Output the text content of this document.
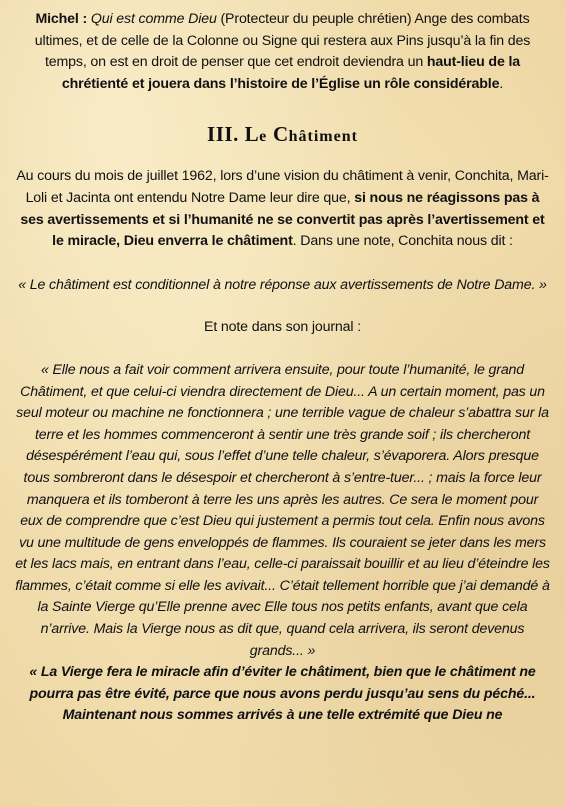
Michel : Qui est comme Dieu (Protecteur du peuple chrétien) Ange des combats ultimes, et de celle de la Colonne ou Signe qui restera aux Pins jusqu’à la fin des temps, on est en droit de penser que cet endroit deviendra un haut-lieu de la chrétienté et jouera dans l’histoire de l’Église un rôle considérable.

III. Le Châtiment

Au cours du mois de juillet 1962, lors d’une vision du châtiment à venir, Conchita, Mari-Loli et Jacinta ont entendu Notre Dame leur dire que, si nous ne réagissons pas à ses avertissements et si l’humanité ne se convertit pas après l’avertissement et le miracle, Dieu enverra le châtiment. Dans une note, Conchita nous dit :

« Le châtiment est conditionnel à notre réponse aux avertissements de Notre Dame. »

Et note dans son journal :

« Elle nous a fait voir comment arrivera ensuite, pour toute l’humanité, le grand Châtiment, et que celui-ci viendra directement de Dieu... A un certain moment, pas un seul moteur ou machine ne fonctionnera ; une terrible vague de chaleur s’abattra sur la terre et les hommes commenceront à sentir une très grande soif ; ils chercheront désespérément l’eau qui, sous l’effet d’une telle chaleur, s’évaporera. Alors presque tous sombreront dans le désespoir et chercheront à s’entre-tuer... ; mais la force leur manquera et ils tomberont à terre les uns après les autres. Ce sera le moment pour eux de comprendre que c’est Dieu qui justement a permis tout cela. Enfin nous avons vu une multitude de gens enveloppés de flammes. Ils couraient se jeter dans les mers et les lacs mais, en entrant dans l’eau, celle-ci paraissait bouillir et au lieu d’éteindre les flammes, c’était comme si elle les avivait... C’était tellement horrible que j’ai demandé à la Sainte Vierge qu’Elle prenne avec Elle tous nos petits enfants, avant que cela n’arrive. Mais la Vierge nous as dit que, quand cela arrivera, ils seront devenus grands... »
« La Vierge fera le miracle afin d’éviter le châtiment, bien que le châtiment ne pourra pas être évité, parce que nous avons perdu jusqu’au sens du péché... Maintenant nous sommes arrivés à une telle extrémité que Dieu ne
